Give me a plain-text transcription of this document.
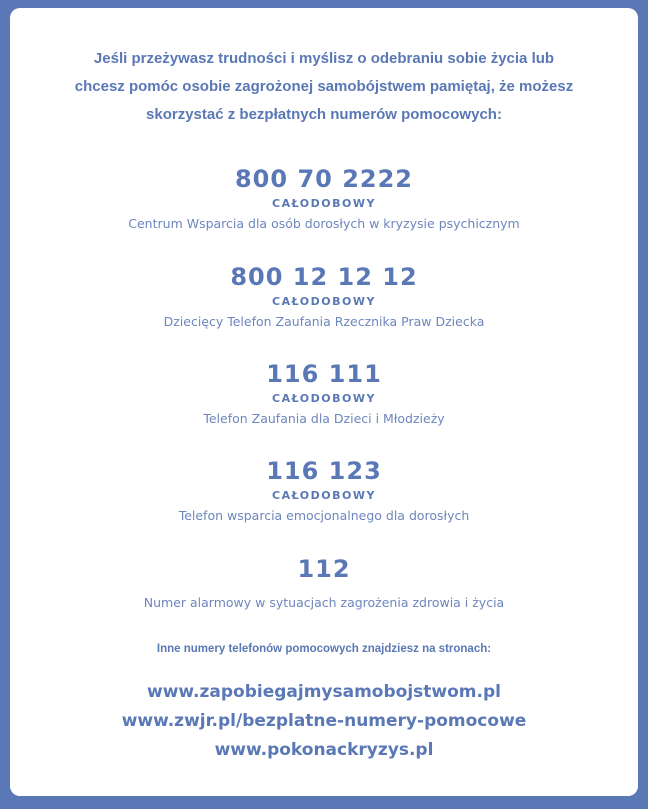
Jeśli przeżywasz trudności i myślisz o odebraniu sobie życia lub
chcesz pomóc osobie zagrożonej samobójstwem pamiętaj, że możesz
skorzystać z bezpłatnych numerów pomocowych:
800 70 2222
CAŁODOBOWY
Centrum Wsparcia dla osób dorosłych w kryzysie psychicznym
800 12 12 12
CAŁODOBOWY
Dziecięcy Telefon Zaufania Rzecznika Praw Dziecka
116 111
CAŁODOBOWY
Telefon Zaufania dla Dzieci i Młodzieży
116 123
CAŁODOBOWY
Telefon wsparcia emocjonalnego dla dorosłych
112
Numer alarmowy w sytuacjach zagrożenia zdrowia i życia
Inne numery telefonów pomocowych znajdziesz na stronach:
www.zapobiegajmysamobojstwom.pl
www.zwjr.pl/bezplatne-numery-pomocowe
www.pokonackryzys.pl
